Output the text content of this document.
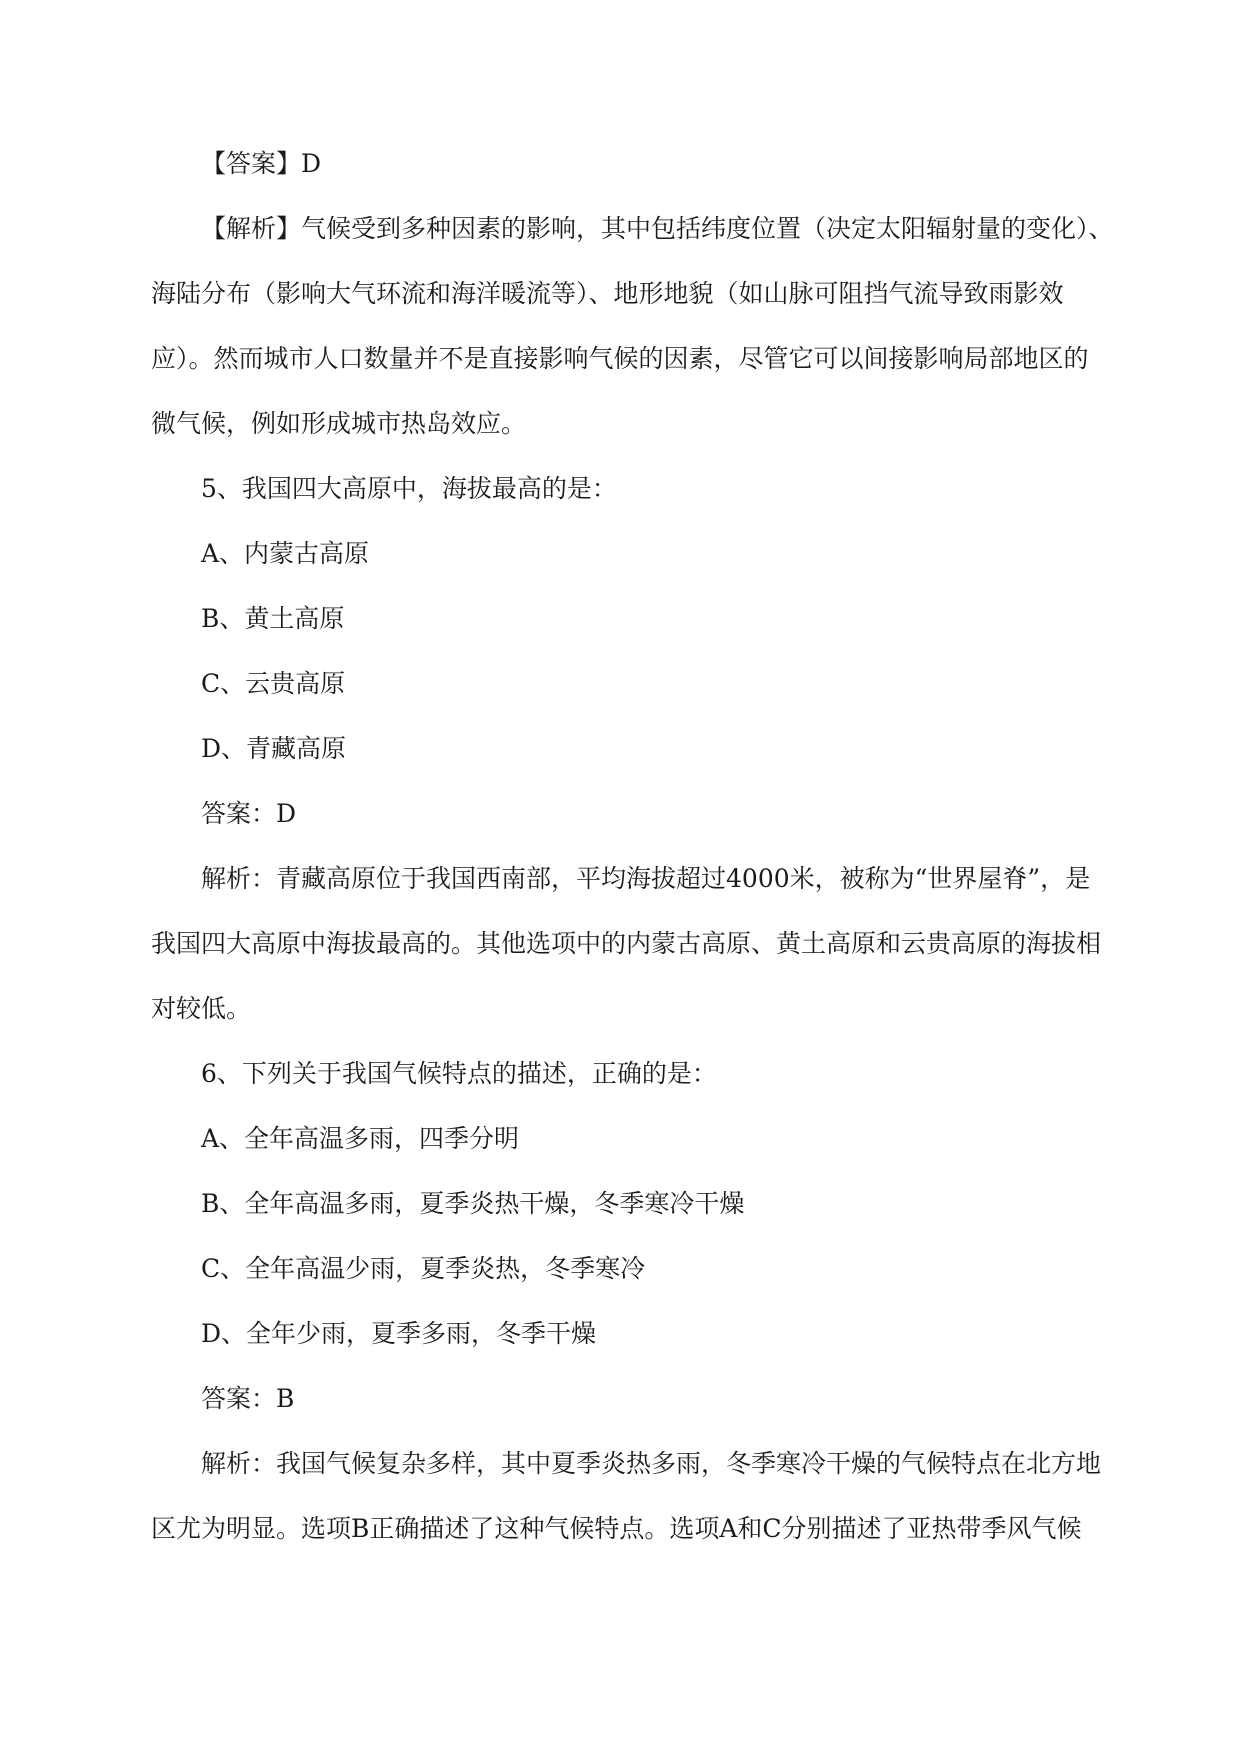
【答案】D
【解析】气候受到多种因素的影响，其中包括纬度位置（决定太阳辐射量的变化）、
海陆分布（影响大气环流和海洋暖流等）、地形地貌（如山脉可阻挡气流导致雨影效
应）。然而城市人口数量并不是直接影响气候的因素，尽管它可以间接影响局部地区的
微气候，例如形成城市热岛效应。
5、我国四大高原中，海拔最高的是：
A、内蒙古高原
B、黄土高原
C、云贵高原
D、青藏高原
答案：D
解析：青藏高原位于我国西南部，平均海拔超过4000米，被称为“世界屋脊”，是
我国四大高原中海拔最高的。其他选项中的内蒙古高原、黄土高原和云贵高原的海拔相
对较低。
6、下列关于我国气候特点的描述，正确的是：
A、全年高温多雨，四季分明
B、全年高温多雨，夏季炎热干燥，冬季寒冷干燥
C、全年高温少雨，夏季炎热，冬季寒冷
D、全年少雨，夏季多雨，冬季干燥
答案：B
解析：我国气候复杂多样，其中夏季炎热多雨，冬季寒冷干燥的气候特点在北方地
区尤为明显。选项B正确描述了这种气候特点。选项A和C分别描述了亚热带季风气候
